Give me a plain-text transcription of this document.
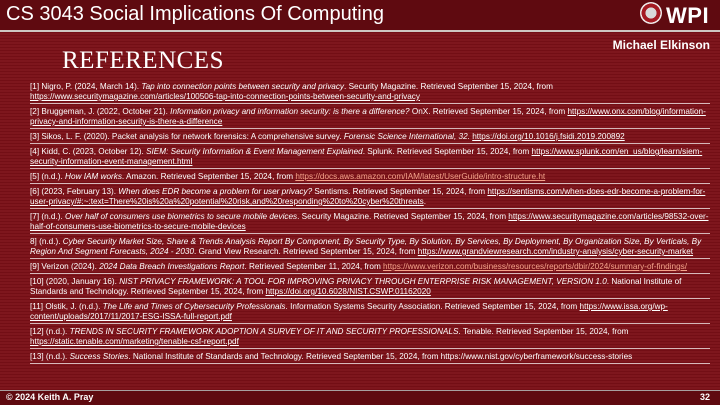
CS 3043 Social Implications Of Computing	WPI
Michael Elkinson
REFERENCES
[1] Nigro, P. (2024, March 14). Tap into connection points between security and privacy. Security Magazine. Retrieved September 15, 2024, from https://www.securitymagazine.com/articles/100506-tap-into-connection-points-between-security-and-privacy
[2] Bruggeman, J. (2022, October 21). Information privacy and information security: is there a difference? OnX. Retrieved September 15, 2024, from https://www.onx.com/blog/information-privacy-and-information-security-is-there-a-difference
[3] Sikos, L. F. (2020). Packet analysis for network forensics: A comprehensive survey. Forensic Science International, 32. https://doi.org/10.1016/j.fsidi.2019.200892
[4] Kidd, C. (2023, October 12). SIEM: Security Information & Event Management Explained. Splunk. Retrieved September 15, 2024, from https://www.splunk.com/en_us/blog/learn/siem-security-information-event-management.html
[5] (n.d.). How IAM works. Amazon. Retrieved September 15, 2024, from https://docs.aws.amazon.com/IAM/latest/UserGuide/intro-structure.ht
[6] (2023, February 13). When does EDR become a problem for user privacy? Sentisms. Retrieved September 15, 2024, from https://sentisms.com/when-does-edr-become-a-problem-for-user-privacy/#:~:text=There%20is%20a%20potential%20risk,and%20responding%20to%20cyber%20threats.
[7] (n.d.). Over half of consumers use biometrics to secure mobile devices. Security Magazine. Retrieved September 15, 2024, from https://www.securitymagazine.com/articles/98532-over-half-of-consumers-use-biometrics-to-secure-mobile-devices
8] (n.d.). Cyber Security Market Size, Share & Trends Analysis Report By Component, By Security Type, By Solution, By Services, By Deployment, By Organization Size, By Verticals, By Region And Segment Forecasts, 2024 - 2030. Grand View Research. Retrieved September 15, 2024, from https://www.grandviewresearch.com/industry-analysis/cyber-security-market
[9] Verizon (2024). 2024 Data Breach Investigations Report. Retrieved September 11, 2024, from https://www.verizon.com/business/resources/reports/dbir/2024/summary-of-findings/
[10] (2020, January 16). NIST PRIVACY FRAMEWORK: A TOOL FOR IMPROVING PRIVACY THROUGH ENTERPRISE RISK MANAGEMENT, VERSION 1.0. National Institute of Standards and Technology. Retrieved September 15, 2024, from https://doi.org/10.6028/NIST.CSWP.01162020
[11] Olstik, J. (n.d.). The Life and Times of Cybersecurity Professionals. Information Systems Security Association. Retrieved September 15, 2024, from https://www.issa.org/wp-content/uploads/2017/11/2017-ESG-ISSA-full-report.pdf
[12] (n.d.). TRENDS IN SECURITY FRAMEWORK ADOPTION A SURVEY OF IT AND SECURITY PROFESSIONALS. Tenable. Retrieved September 15, 2024, from https://static.tenable.com/marketing/tenable-csf-report.pdf
[13] (n.d.). Success Stories. National Institute of Standards and Technology. Retrieved September 15, 2024, from https://www.nist.gov/cyberframework/success-stories
© 2024 Keith A. Pray	32
